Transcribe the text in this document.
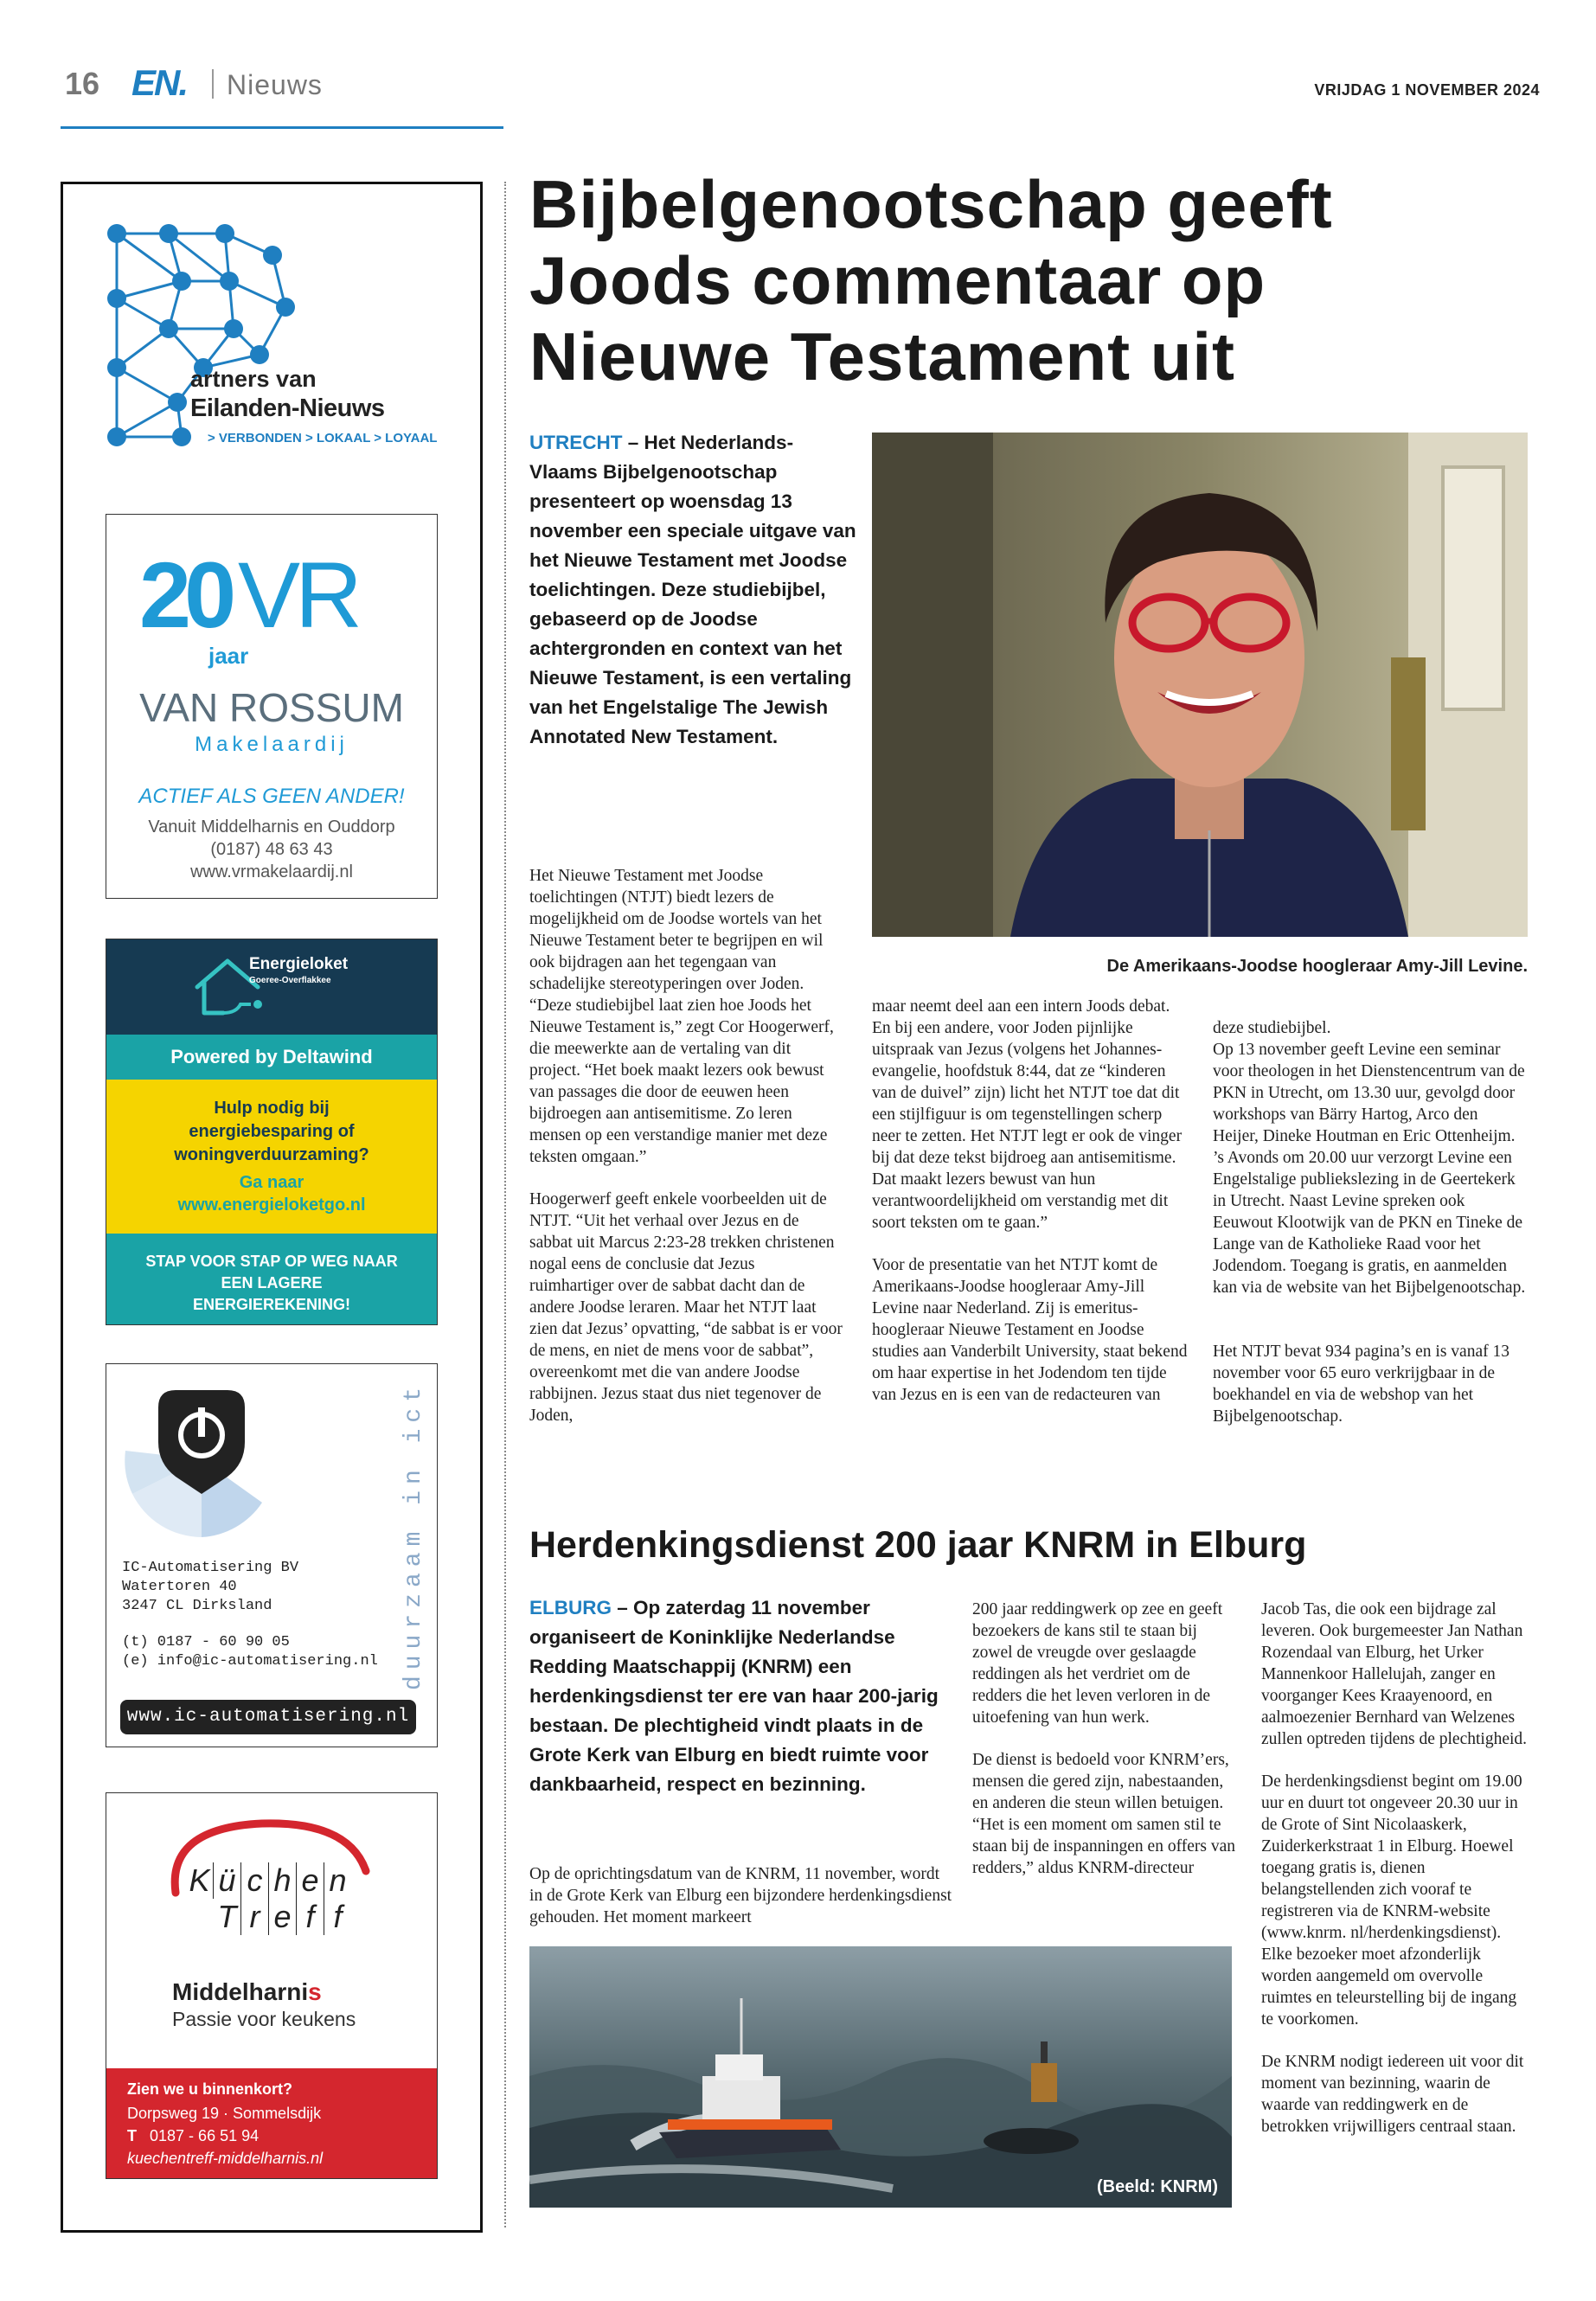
16 EN. Nieuws	VRIJDAG 1 NOVEMBER 2024
artners van
Eilanden-Nieuws
> VERBONDEN > LOKAAL > LOYAAL
20
jaar
VR
VAN ROSSUM
Makelaardij
ACTIEF ALS GEEN ANDER!
Vanuit Middelharnis en Ouddorp
(0187) 48 63 43
www.vrmakelaardij.nl
Energieloket
Goeree-Overflakkee
Powered by Deltawind
Hulp nodig bij energiebesparing of woningverduurzaming?
Ga naar
www.energieloketgo.nl
STAP VOOR STAP OP WEG NAAR EEN LAGERE ENERGIEREKENING!
duurzaam in ict
IC-Automatisering BV
Watertoren 40
3247 CL Dirksland
(t) 0187 - 60 90 05
(e) info@ic-automatisering.nl
www.ic-automatisering.nl
K ü c h e n
T r e f f
Middelharnis
Passie voor keukens
Zien we u binnenkort?
Dorpsweg 19 · Sommelsdijk
T 0187 - 66 51 94
kuechentreff-middelharnis.nl
Bijbelgenootschap geeft Joods commentaar op Nieuwe Testament uit
UTRECHT – Het Nederlands-Vlaams Bijbelgenootschap presenteert op woensdag 13 november een speciale uitgave van het Nieuwe Testament met Joodse toelichtingen. Deze studiebijbel, gebaseerd op de Joodse achtergronden en context van het Nieuwe Testament, is een vertaling van het Engelstalige The Jewish Annotated New Testament.
De Amerikaans-Joodse hoogleraar Amy-Jill Levine.

Het Nieuwe Testament met Joodse toelichtingen (NTJT) biedt lezers de mogelijkheid om de Joodse wortels van het Nieuwe Testament beter te begrijpen en wil ook bijdragen aan het tegengaan van schadelijke stereotyperingen over Joden. “Deze studiebijbel laat zien hoe Joods het Nieuwe Testament is,” zegt Cor Hoogerwerf, die meewerkte aan de vertaling van dit project. “Het boek maakt lezers ook bewust van passages die door de eeuwen heen bijdroegen aan antisemitisme. Zo leren mensen op een verstandige manier met deze teksten omgaan.”

Hoogerwerf geeft enkele voorbeelden uit de NTJT. “Uit het verhaal over Jezus en de sabbat uit Marcus 2:23-28 trekken christenen nogal eens de conclusie dat Jezus ruimhartiger over de sabbat dacht dan de andere Joodse leraren. Maar het NTJT laat zien dat Jezus’ opvatting, “de sabbat is er voor de mens, en niet de mens voor de sabbat”, overeenkomt met die van andere Joodse rabbijnen. Jezus staat dus niet tegenover de Joden,

maar neemt deel aan een intern Joods debat. En bij een andere, voor Joden pijnlijke uitspraak van Jezus (volgens het Johannes-evangelie, hoofdstuk 8:44, dat ze “kinderen van de duivel” zijn) licht het NTJT toe dat dit een stijlfiguur is om tegenstellingen scherp neer te zetten. Het NTJT legt er ook de vinger bij dat deze tekst bijdroeg aan antisemitisme. Dat maakt lezers bewust van hun verantwoordelijkheid om verstandig met dit soort teksten om te gaan.”

Voor de presentatie van het NTJT komt de Amerikaans-Joodse hoogleraar Amy-Jill Levine naar Nederland. Zij is emeritus-hoogleraar Nieuwe Testament en Joodse studies aan Vanderbilt University, staat bekend om haar expertise in het Jodendom ten tijde van Jezus en is een van de redacteuren van

deze studiebijbel.
Op 13 november geeft Levine een seminar voor theologen in het Dienstencentrum van de PKN in Utrecht, om 13.30 uur, gevolgd door workshops van Bärry Hartog, Arco den Heijer, Dineke Houtman en Eric Ottenheijm. ’s Avonds om 20.00 uur verzorgt Levine een Engelstalige publiekslezing in de Geertekerk in Utrecht. Naast Levine spreken ook Eeuwout Klootwijk van de PKN en Tineke de Lange van de Katholieke Raad voor het Jodendom. Toegang is gratis, en aanmelden kan via de website van het Bijbelgenootschap.

Het NTJT bevat 934 pagina’s en is vanaf 13 november voor 65 euro verkrijgbaar in de boekhandel en via de webshop van het Bijbelgenootschap.

Herdenkingsdienst 200 jaar KNRM in Elburg
ELBURG – Op zaterdag 11 november organiseert de Koninklijke Nederlandse Redding Maatschappij (KNRM) een herdenkingsdienst ter ere van haar 200-jarig bestaan. De plechtigheid vindt plaats in de Grote Kerk van Elburg en biedt ruimte voor dankbaarheid, respect en bezinning.

Op de oprichtingsdatum van de KNRM, 11 november, wordt in de Grote Kerk van Elburg een bijzondere herdenkingsdienst gehouden. Het moment markeert

200 jaar reddingwerk op zee en geeft bezoekers de kans stil te staan bij zowel de vreugde over geslaagde reddingen als het verdriet om de redders die het leven verloren in de uitoefening van hun werk.

De dienst is bedoeld voor KNRM’ers, mensen die gered zijn, nabestaanden, en anderen die steun willen betuigen. “Het is een moment om samen stil te staan bij de inspanningen en offers van redders,” aldus KNRM-directeur

Jacob Tas, die ook een bijdrage zal leveren. Ook burgemeester Jan Nathan Rozendaal van Elburg, het Urker Mannenkoor Hallelujah, zanger en voorganger Kees Kraayenoord, en aalmoezenier Bernhard van Welzenes zullen optreden tijdens de plechtigheid.

De herdenkingsdienst begint om 19.00 uur en duurt tot ongeveer 20.30 uur in de Grote of Sint Nicolaaskerk, Zuiderkerkstraat 1 in Elburg. Hoewel toegang gratis is, dienen belangstellenden zich vooraf te registreren via de KNRM-website (www.knrm. nl/herdenkingsdienst). Elke bezoeker moet afzonderlijk worden aangemeld om overvolle ruimtes en teleurstelling bij de ingang te voorkomen.

De KNRM nodigt iedereen uit voor dit moment van bezinning, waarin de waarde van reddingwerk en de betrokken vrijwilligers centraal staan.

(Beeld: KNRM)
